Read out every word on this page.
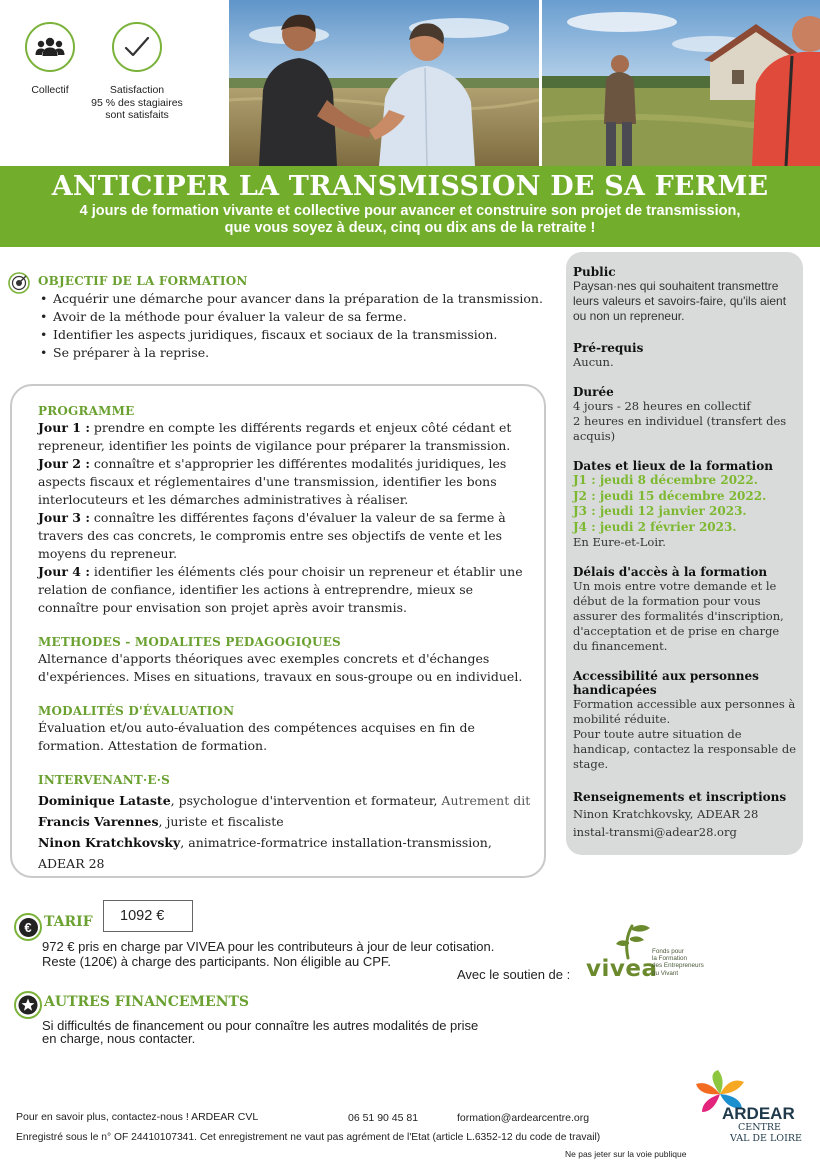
Collectif	Satisfaction
95 % des stagiaires
sont satisfaits
ANTICIPER LA TRANSMISSION DE SA FERME
4 jours de formation vivante et collective pour avancer et construire son projet de transmission,
que vous soyez à deux, cinq ou dix ans de la retraite !
OBJECTIF DE LA FORMATION
• Acquérir une démarche pour avancer dans la préparation de la transmission.
• Avoir de la méthode pour évaluer la valeur de sa ferme.
• Identifier les aspects juridiques, fiscaux et sociaux de la transmission.
• Se préparer à la reprise.
PROGRAMME

Jour 1 : prendre en compte les différents regards et enjeux côté cédant et repreneur, identifier les points de vigilance pour préparer la transmission.

Jour 2 : connaître et s'approprier les différentes modalités juridiques, les aspects fiscaux et réglementaires d'une transmission, identifier les bons interlocuteurs et les démarches administratives à réaliser.

Jour 3 : connaître les différentes façons d'évaluer la valeur de sa ferme à travers des cas concrets, le compromis entre ses objectifs de vente et les moyens du repreneur.

Jour 4 : identifier les éléments clés pour choisir un repreneur et établir une relation de confiance, identifier les actions à entreprendre, mieux se connaître pour envisation son projet après avoir transmis.

METHODES - MODALITES PEDAGOGIQUES

Alternance d'apports théoriques avec exemples concrets et d'échanges d'expériences. Mises en situations, travaux en sous-groupe ou en individuel.

MODALITÉS D'ÉVALUATION

Évaluation et/ou auto-évaluation des compétences acquises en fin de formation. Attestation de formation.

INTERVENANT·E·S

Dominique Lataste, psychologue d'intervention et formateur, Autrement dit

Francis Varennes, juriste et fiscaliste

Ninon Kratchkovsky, animatrice-formatrice installation-transmission, ADEAR 28

Public

Paysan·nes qui souhaitent transmettre leurs valeurs et savoirs-faire, qu'ils aient ou non un repreneur.

Pré-requis

Aucun.

Durée

4 jours - 28 heures en collectif

2 heures en individuel (transfert des acquis)

Dates et lieux de la formation
J1 : jeudi 8 décembre 2022.
J2 : jeudi 15 décembre 2022.
J3 : jeudi 12 janvier 2023.
J4 : jeudi 2 février 2023.

En Eure-et-Loir.

Délais d'accès à la formation

Un mois entre votre demande et le début de la formation pour vous assurer des formalités d'inscription, d'acceptation et de prise en charge du financement.

Accessibilité aux personnes
handicapées

Formation accessible aux personnes à mobilité réduite.

Pour toute autre situation de handicap, contactez la responsable de stage.

Renseignements et inscriptions

Ninon Kratchkovsky, ADEAR 28

instal-transmi@adear28.org

€ TARIF	1092 €
972 € pris en charge par VIVEA pour les contributeurs à jour de leur cotisation.
Reste (120€) à charge des participants. Non éligible au CPF.
Avec le soutien de : vivea
Fonds pour
la Formation
des Entrepreneurs
du Vivant
AUTRES FINANCEMENTS
Si difficultés de financement ou pour connaître les autres modalités de prise
en charge, nous contacter.
Pour en savoir plus, contactez-nous ! ARDEAR CVL	06 51 90 45 81	formation@ardearcentre.org
Enregistré sous le n° OF 24410107341. Cet enregistrement ne vaut pas agrément de l'Etat (article L.6352-12 du code de travail)
Ne pas jeter sur la voie publique
ARDEAR
CENTRE
VAL DE LOIRE
